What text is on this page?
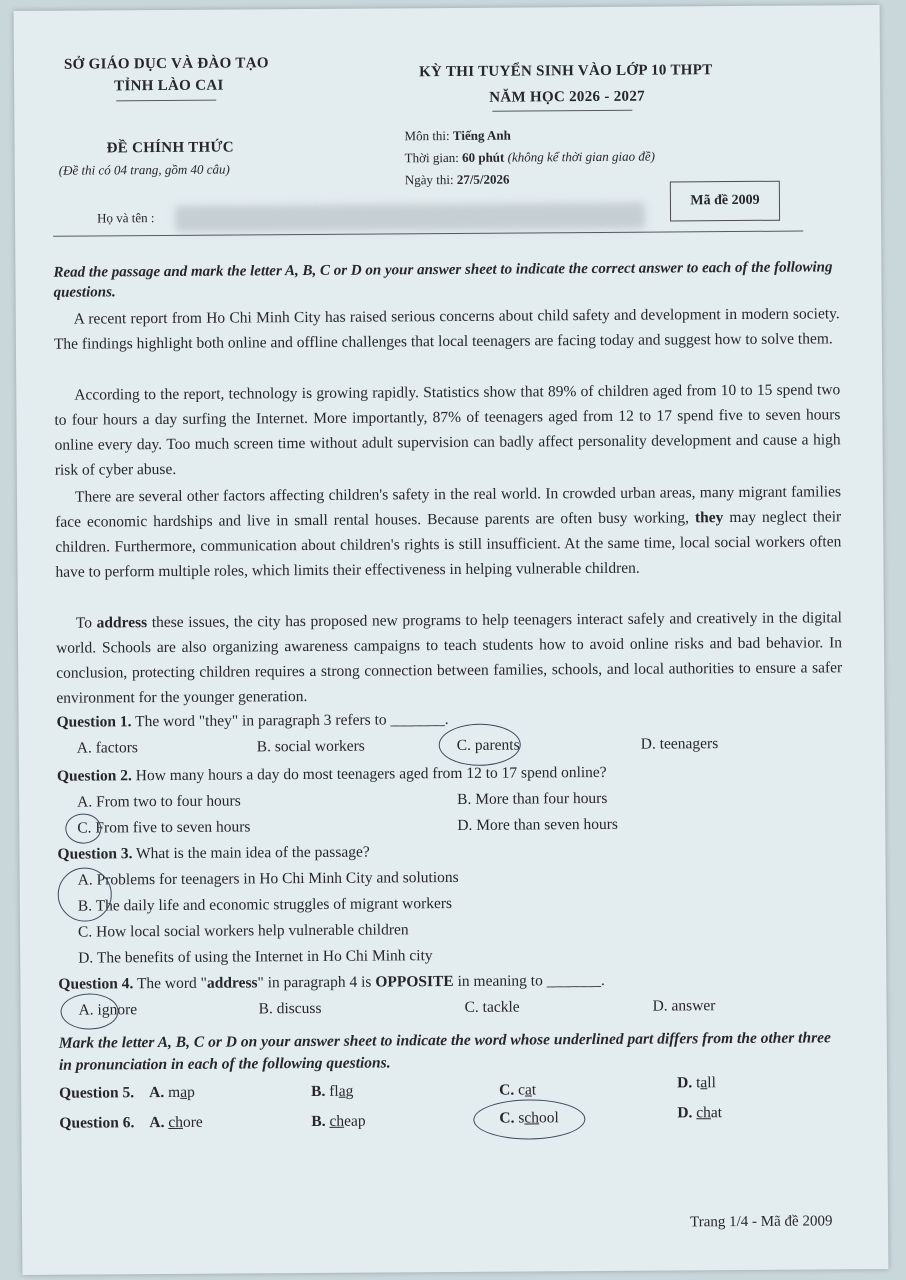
SỞ GIÁO DỤC VÀ ĐÀO TẠO
TỈNH LÀO CAI
ĐỀ CHÍNH THỨC
(Đề thi có 04 trang, gồm 40 câu)
KỲ THI TUYỂN SINH VÀO LỚP 10 THPT
NĂM HỌC 2026 - 2027
Môn thi: Tiếng Anh
Thời gian: 60 phút (không kể thời gian giao đề)
Ngày thi: 27/5/2026
Mã đề 2009
Họ và tên :
Read the passage and mark the letter A, B, C or D on your answer sheet to indicate the correct answer to each of the following questions.
A recent report from Ho Chi Minh City has raised serious concerns about child safety and development in modern society. The findings highlight both online and offline challenges that local teenagers are facing today and suggest how to solve them.
According to the report, technology is growing rapidly. Statistics show that 89% of children aged from 10 to 15 spend two to four hours a day surfing the Internet. More importantly, 87% of teenagers aged from 12 to 17 spend five to seven hours online every day. Too much screen time without adult supervision can badly affect personality development and cause a high risk of cyber abuse.
There are several other factors affecting children's safety in the real world. In crowded urban areas, many migrant families face economic hardships and live in small rental houses. Because parents are often busy working, they may neglect their children. Furthermore, communication about children's rights is still insufficient. At the same time, local social workers often have to perform multiple roles, which limits their effectiveness in helping vulnerable children.
To address these issues, the city has proposed new programs to help teenagers interact safely and creatively in the digital world. Schools are also organizing awareness campaigns to teach students how to avoid online risks and bad behavior. In conclusion, protecting children requires a strong connection between families, schools, and local authorities to ensure a safer environment for the younger generation.
Question 1. The word "they" in paragraph 3 refers to _______.
A. factors	B. social workers	C. parents	D. teenagers
Question 2. How many hours a day do most teenagers aged from 12 to 17 spend online?
A. From two to four hours	B. More than four hours
C. From five to seven hours	D. More than seven hours
Question 3. What is the main idea of the passage?
A. Problems for teenagers in Ho Chi Minh City and solutions
B. The daily life and economic struggles of migrant workers
C. How local social workers help vulnerable children
D. The benefits of using the Internet in Ho Chi Minh city
Question 4. The word "address" in paragraph 4 is OPPOSITE in meaning to _______.
A. ignore	B. discuss	C. tackle	D. answer
Mark the letter A, B, C or D on your answer sheet to indicate the word whose underlined part differs from the other three in pronunciation in each of the following questions.
Question 5. A. map	B. flag	C. cat	D. tall
Question 6. A. chore	B. cheap	C. school	D. chat
Trang 1/4 - Mã đề 2009
